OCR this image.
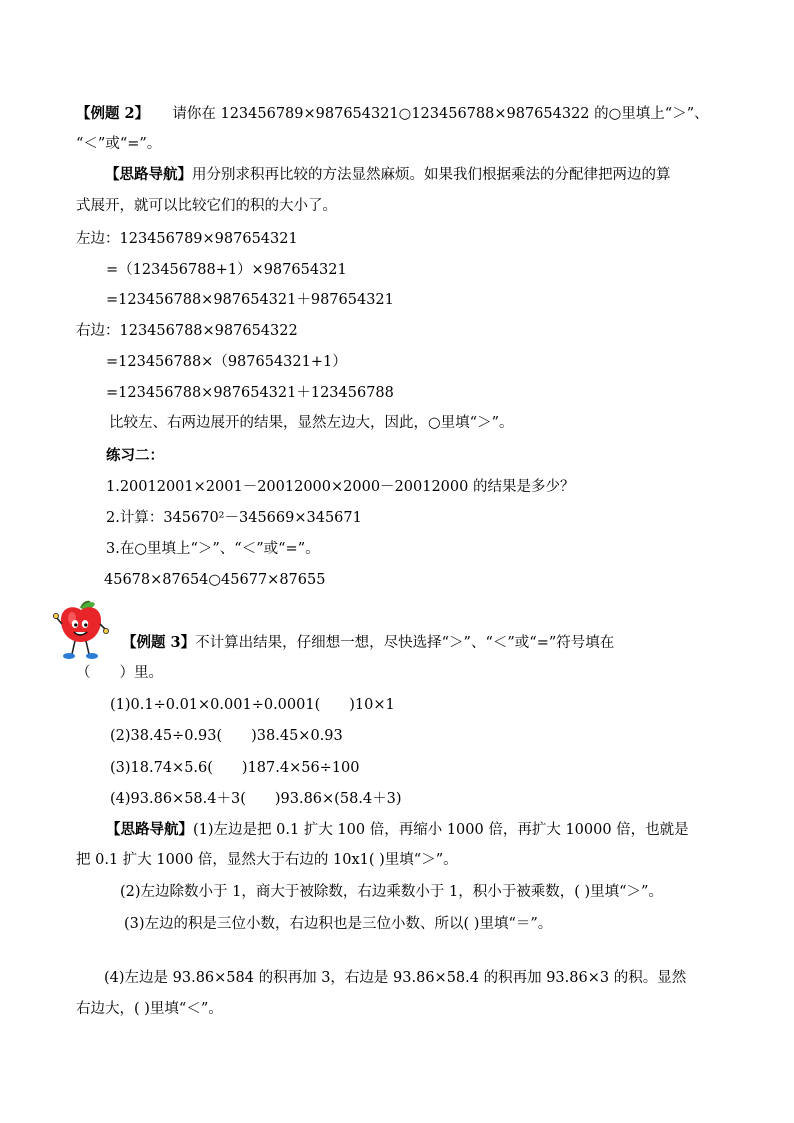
【例题 2】 请你在 123456789×987654321○123456788×987654322 的○里填上“＞”、
“＜”或“=”。
【思路导航】用分别求积再比较的方法显然麻烦。如果我们根据乘法的分配律把两边的算
式展开，就可以比较它们的积的大小了。
左边：123456789×987654321
=（123456788+1）×987654321
=123456788×987654321＋987654321
右边：123456788×987654322
=123456788×（987654321+1）
=123456788×987654321＋123456788
比较左、右两边展开的结果，显然左边大，因此，○里填“＞”。
练习二：
1.20012001×2001－20012000×2000－20012000 的结果是多少？
2.计算：345670²－345669×345671
3.在○里填上“＞”、“＜”或“=”。
45678×87654○45677×87655
【例题 3】不计算出结果，仔细想一想，尽快选择“＞”、“＜”或“=”符号填在
（　　）里。
(1)0.1÷0.01×0.001÷0.0001(　　)10×1
(2)38.45÷0.93(　　)38.45×0.93
(3)18.74×5.6(　　)187.4×56÷100
(4)93.86×58.4＋3(　　)93.86×(58.4＋3)
【思路导航】(1)左边是把 0.1 扩大 100 倍，再缩小 1000 倍，再扩大 10000 倍，也就是
把 0.1 扩大 1000 倍，显然大于右边的 10x1( )里填“＞”。
(2)左边除数小于 1，商大于被除数，右边乘数小于 1，积小于被乘数，( )里填“＞”。
(3)左边的积是三位小数，右边积也是三位小数、所以( )里填“＝”。
(4)左边是 93.86×584 的积再加 3，右边是 93.86×58.4 的积再加 93.86×3 的积。显然
右边大，( )里填“＜”。
